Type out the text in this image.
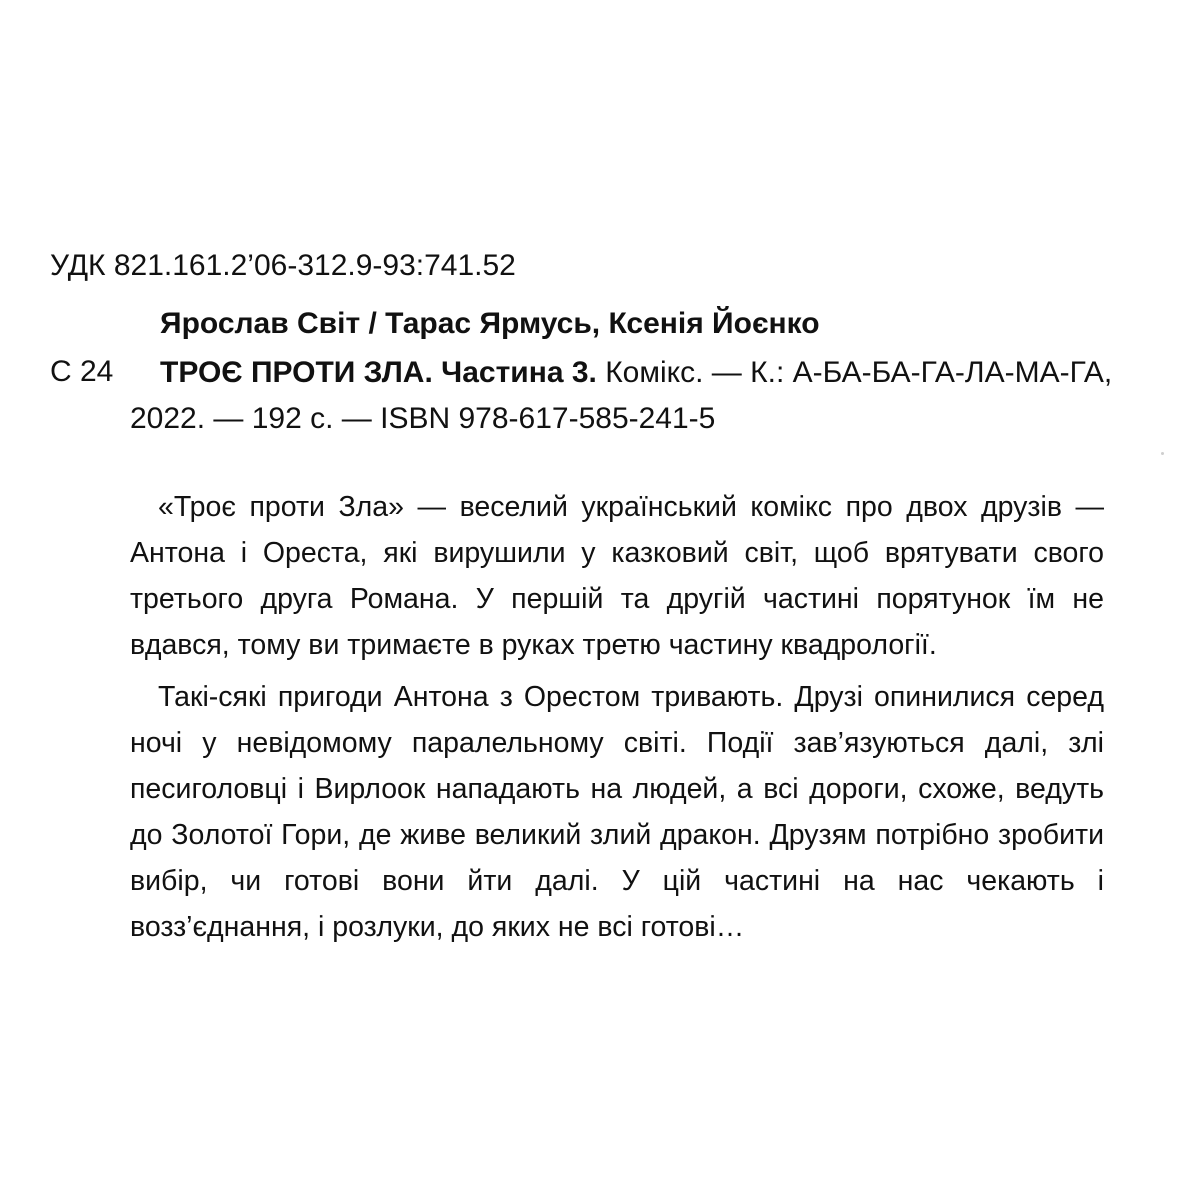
УДК 821.161.2’06-312.9-93:741.52
Ярослав Світ / Тарас Ярмусь, Ксенія Йоєнко
С 24	ТРОЄ ПРОТИ ЗЛА. Частина 3. Комікс. — К.: А-БА-БА-ГА-ЛА-МА-ГА,
2022. — 192 с. — ISBN 978-617-585-241-5

«Троє проти Зла» — веселий український комікс про двох друзів — Антона і Ореста, які вирушили у казковий світ, щоб врятувати свого третього друга Романа. У першій та другій частині порятунок їм не вдався, тому ви тримаєте в руках третю частину квадрології.

Такі-сякі пригоди Антона з Орестом тривають. Друзі опинилися серед ночі у невідомому паралельному світі. Події зав’язуються далі, злі песиголовці і Вирлоок нападають на людей, а всі дороги, схоже, ведуть до Золотої Гори, де живе великий злий дракон. Друзям потрібно зробити вибір, чи готові вони йти далі. У цій частині на нас чекають і возз’єднання, і розлуки, до яких не всі готові…
